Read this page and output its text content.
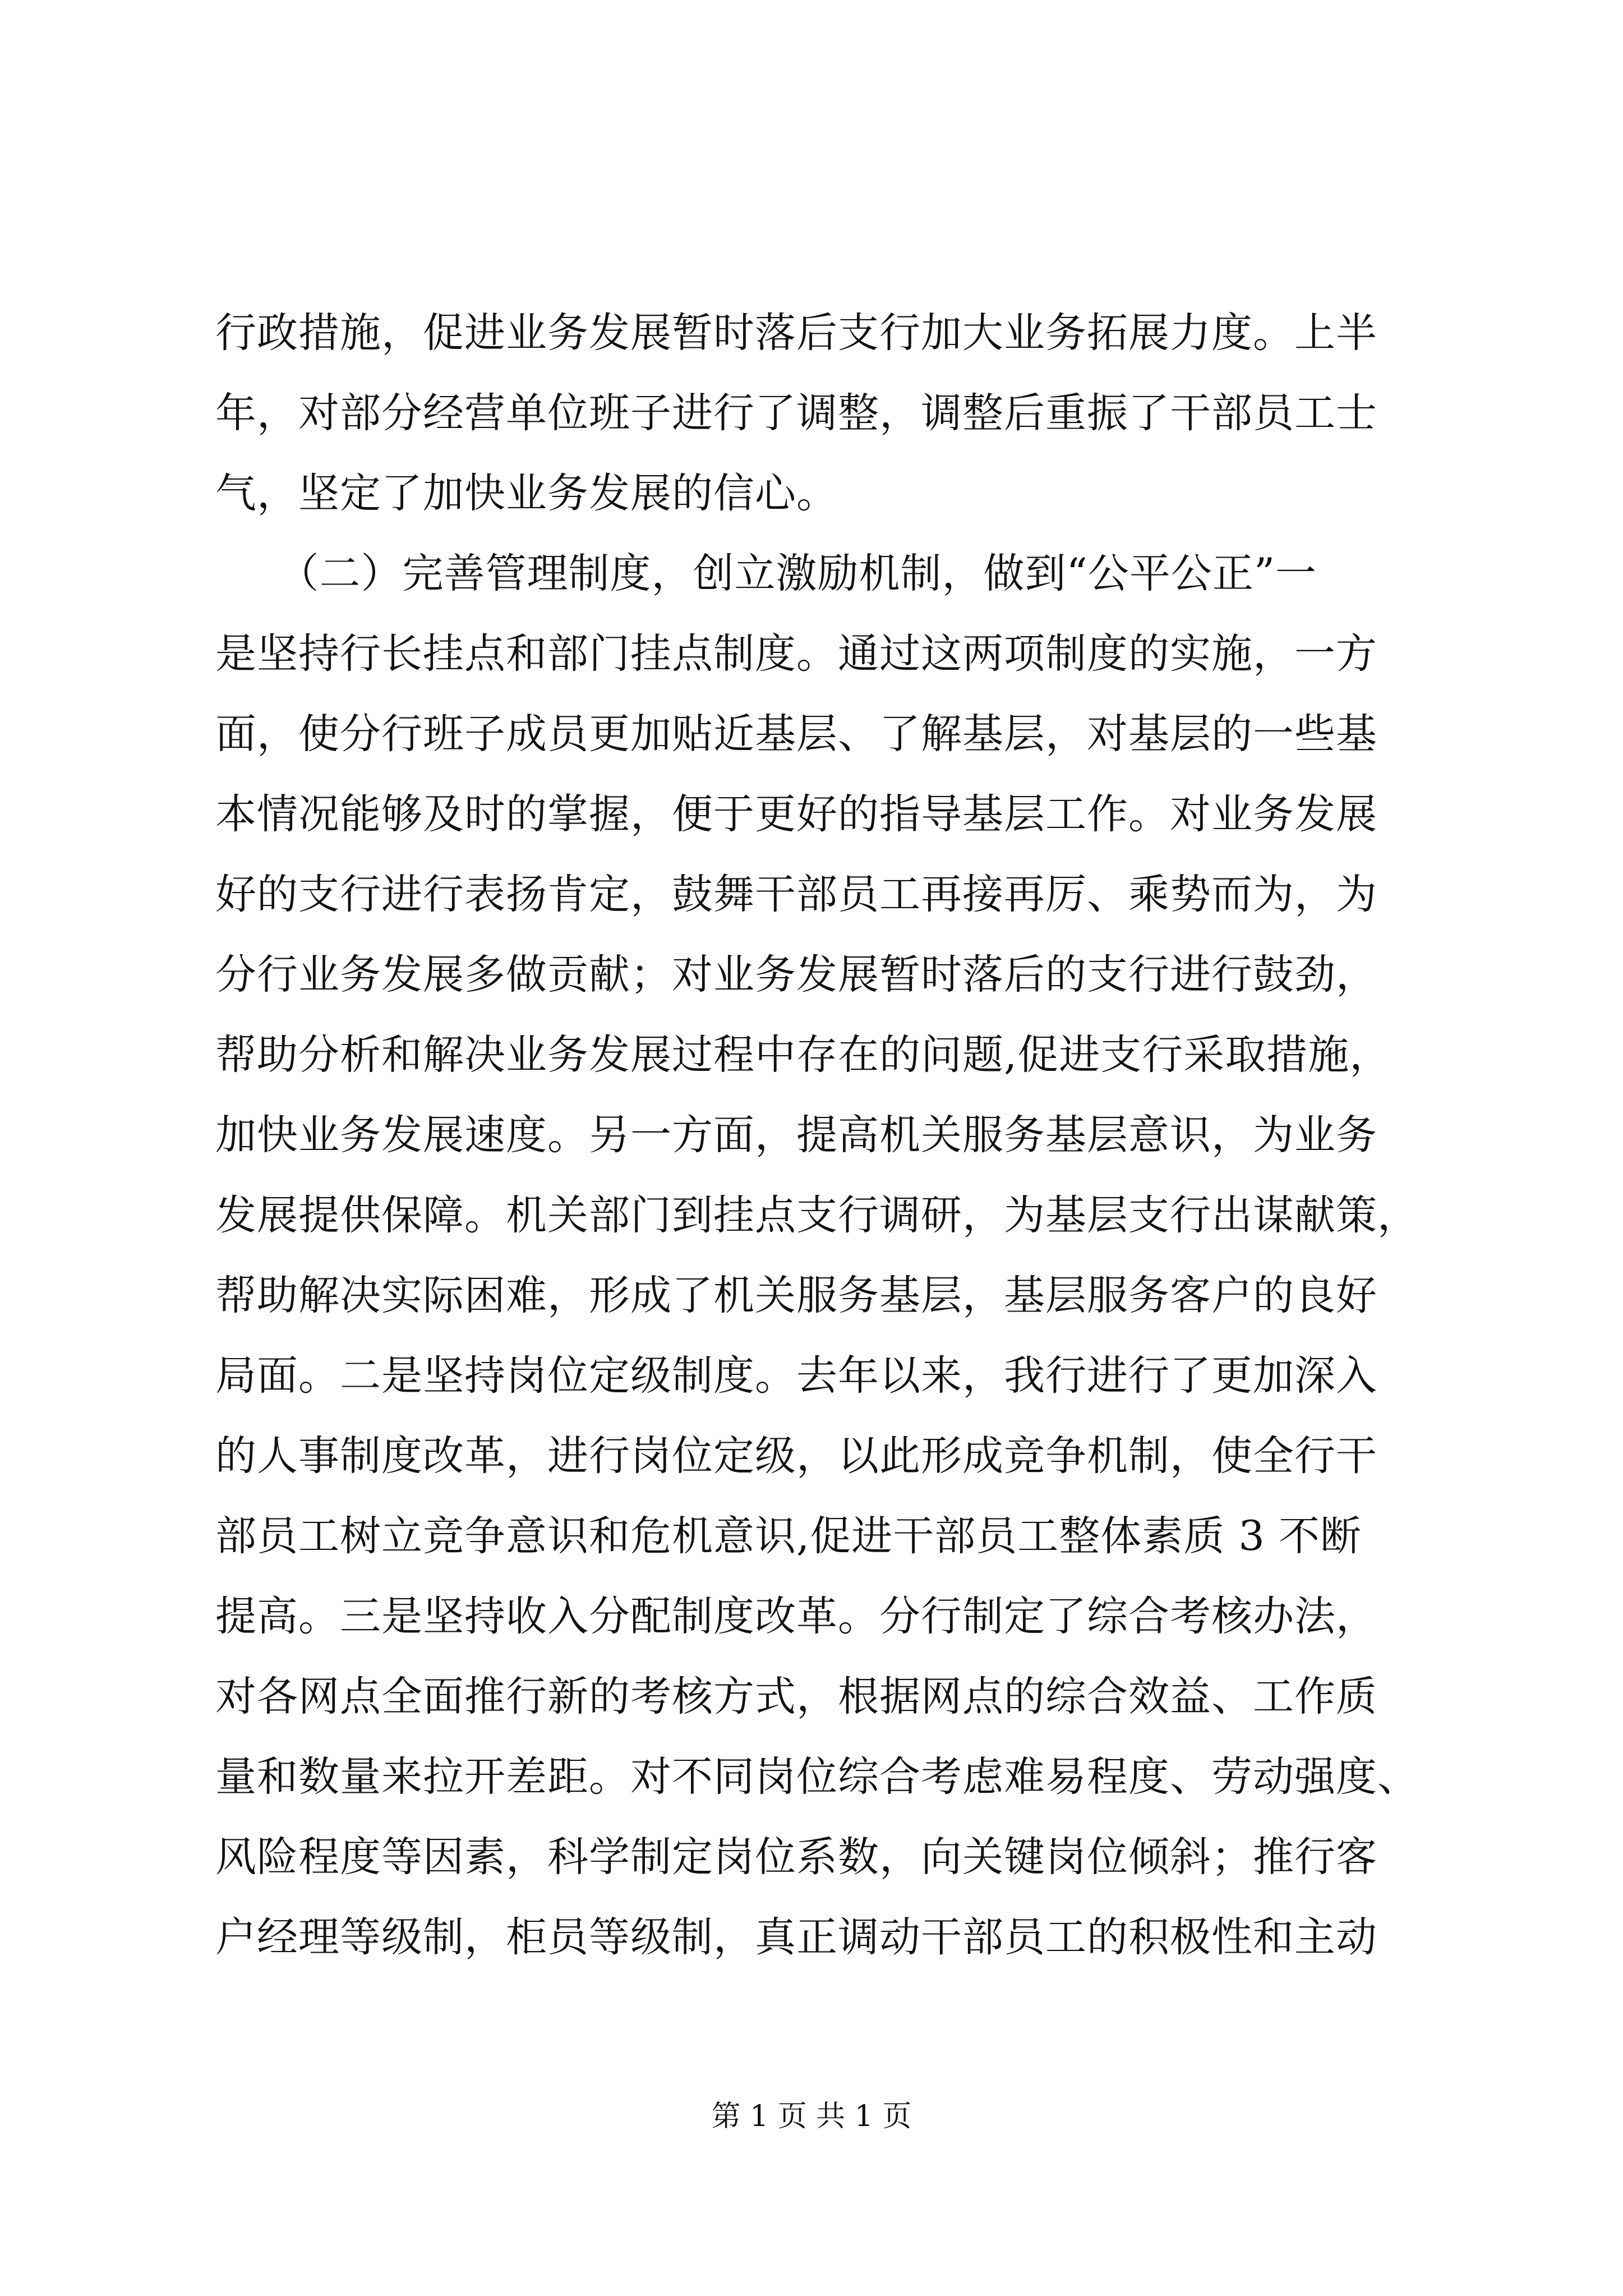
行政措施，促进业务发展暂时落后支行加大业务拓展力度。上半
年，对部分经营单位班子进行了调整，调整后重振了干部员工士
气，坚定了加快业务发展的信心。
　　（二）完善管理制度，创立激励机制，做到“公平公正”一
是坚持行长挂点和部门挂点制度。通过这两项制度的实施，一方
面，使分行班子成员更加贴近基层、了解基层，对基层的一些基
本情况能够及时的掌握，便于更好的指导基层工作。对业务发展
好的支行进行表扬肯定，鼓舞干部员工再接再厉、乘势而为，为
分行业务发展多做贡献；对业务发展暂时落后的支行进行鼓劲，
帮助分析和解决业务发展过程中存在的问题,促进支行采取措施，
加快业务发展速度。另一方面，提高机关服务基层意识，为业务
发展提供保障。机关部门到挂点支行调研，为基层支行出谋献策，
帮助解决实际困难，形成了机关服务基层，基层服务客户的良好
局面。二是坚持岗位定级制度。去年以来，我行进行了更加深入
的人事制度改革，进行岗位定级，以此形成竞争机制，使全行干
部员工树立竞争意识和危机意识,促进干部员工整体素质 3 不断
提高。三是坚持收入分配制度改革。分行制定了综合考核办法，
对各网点全面推行新的考核方式，根据网点的综合效益、工作质
量和数量来拉开差距。对不同岗位综合考虑难易程度、劳动强度、
风险程度等因素，科学制定岗位系数，向关键岗位倾斜；推行客
户经理等级制，柜员等级制，真正调动干部员工的积极性和主动
第 1 页 共 1 页
